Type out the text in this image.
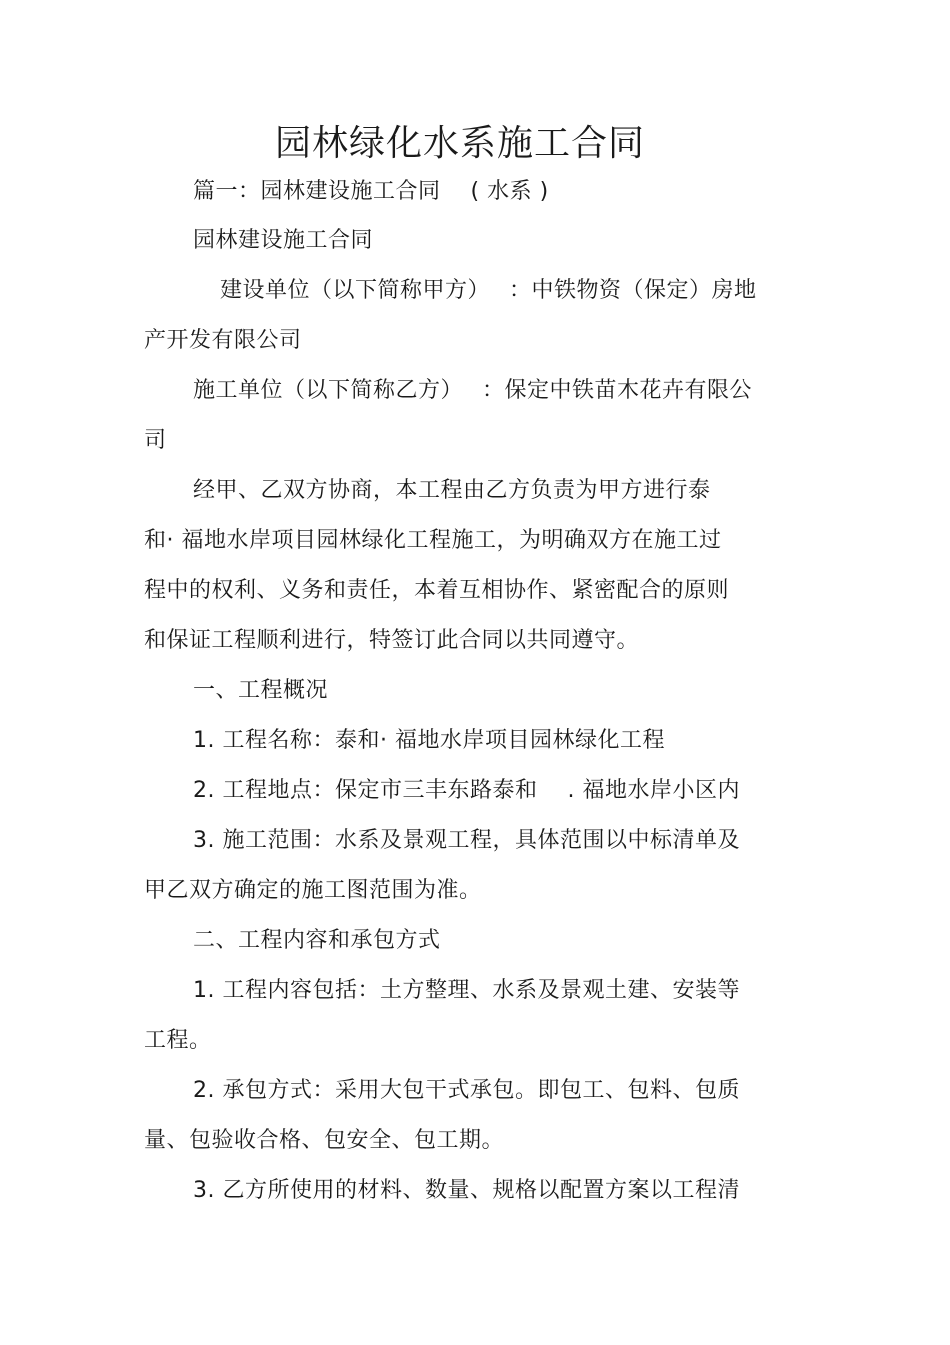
园林绿化水系施工合同

篇一：园林建设施工合同　 ( 水系 )

园林建设施工合同

建设单位（以下简称甲方）　 ：中铁物资（保定）房地

产开发有限公司

施工单位（以下简称乙方）　 ：保定中铁苗木花卉有限公

司

经甲、乙双方协商，本工程由乙方负责为甲方进行泰

和· 福地水岸项目园林绿化工程施工，为明确双方在施工过

程中的权利、义务和责任，本着互相协作、紧密配合的原则

和保证工程顺利进行，特签订此合同以共同遵守。

一、工程概况

1. 工程名称：泰和· 福地水岸项目园林绿化工程

2. 工程地点：保定市三丰东路泰和　 . 福地水岸小区内

3. 施工范围：水系及景观工程，具体范围以中标清单及

甲乙双方确定的施工图范围为准。

二、工程内容和承包方式

1. 工程内容包括：土方整理、水系及景观土建、安装等

工程。

2. 承包方式：采用大包干式承包。即包工、包料、包质

量、包验收合格、包安全、包工期。

3. 乙方所使用的材料、数量、规格以配置方案以工程清
